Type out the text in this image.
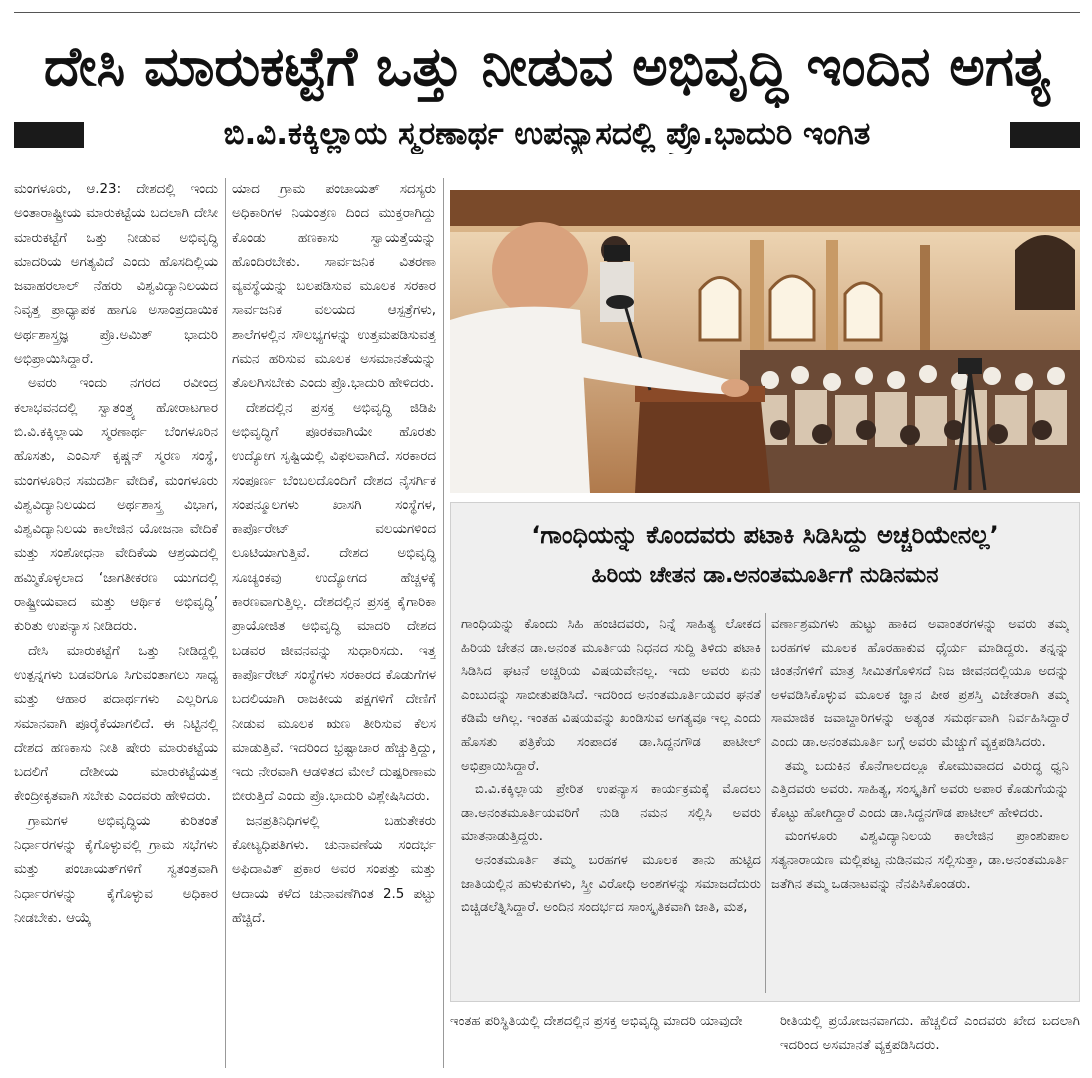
ದೇಸಿ ಮಾರುಕಟ್ಟೆಗೆ ಒತ್ತು ನೀಡುವ ಅಭಿವೃದ್ಧಿ ಇಂದಿನ ಅಗತ್ಯ
ಬಿ.ವಿ.ಕಕ್ಕಿಲ್ಲಾಯ ಸ್ಮರಣಾರ್ಥ ಉಪನ್ಯಾಸದಲ್ಲಿ ಪ್ರೊ.ಭಾದುರಿ ಇಂಗಿತ

ಮಂಗಳೂರು, ಆ.23: ದೇಶದಲ್ಲಿ ಇಂದು ಅಂತಾರಾಷ್ಟ್ರೀಯ ಮಾರುಕಟ್ಟೆಯ ಬದಲಾಗಿ ದೇಸೀ ಮಾರುಕಟ್ಟೆಗೆ ಒತ್ತು ನೀಡುವ ಅಭಿವೃದ್ಧಿ ಮಾದರಿಯ ಅಗತ್ಯವಿದೆ ಎಂದು ಹೊಸದಿಲ್ಲಿಯ ಜವಾಹರಲಾಲ್ ನೆಹರು ವಿಶ್ವವಿದ್ಯಾನಿಲಯದ ನಿವೃತ್ತ ಪ್ರಾಧ್ಯಾಪಕ ಹಾಗೂ ಅಸಾಂಪ್ರದಾಯಿಕ ಅರ್ಥಶಾಸ್ತ್ರಜ್ಞ ಪ್ರೊ.ಅಮಿತ್ ಭಾದುರಿ ಅಭಿಪ್ರಾಯಿಸಿದ್ದಾರೆ.

ಅವರು ಇಂದು ನಗರದ ರವೀಂದ್ರ ಕಲಾಭವನದಲ್ಲಿ ಸ್ವಾತಂತ್ರ್ಯ ಹೋರಾಟಗಾರ ಬಿ.ವಿ.ಕಕ್ಕಿಲ್ಲಾಯ ಸ್ಮರಣಾರ್ಥ ಬೆಂಗಳೂರಿನ ಹೊಸತು, ಎಂಎಸ್ ಕೃಷ್ಣನ್ ಸ್ಮರಣ ಸಂಸ್ಥೆ, ಮಂಗಳೂರಿನ ಸಮದರ್ಶಿ ವೇದಿಕೆ, ಮಂಗಳೂರು ವಿಶ್ವವಿದ್ಯಾನಿಲಯದ ಅರ್ಥಶಾಸ್ತ್ರ ವಿಭಾಗ, ವಿಶ್ವವಿದ್ಯಾನಿಲಯ ಕಾಲೇಜಿನ ಯೋಜನಾ ವೇದಿಕೆ ಮತ್ತು ಸಂಶೋಧನಾ ವೇದಿಕೆಯ ಆಶ್ರಯದಲ್ಲಿ ಹಮ್ಮಿಕೊಳ್ಳಲಾದ ‘ಜಾಗತೀಕರಣ ಯುಗದಲ್ಲಿ ರಾಷ್ಟ್ರೀಯವಾದ ಮತ್ತು ಆರ್ಥಿಕ ಅಭಿವೃದ್ಧಿ’ ಕುರಿತು ಉಪನ್ಯಾಸ ನೀಡಿದರು.

ದೇಸಿ ಮಾರುಕಟ್ಟೆಗೆ ಒತ್ತು ನೀಡಿದ್ದಲ್ಲಿ ಉತ್ಪನ್ನಗಳು ಬಡವರಿಗೂ ಸಿಗುವಂತಾಗಲು ಸಾಧ್ಯ ಮತ್ತು ಆಹಾರ ಪದಾರ್ಥಗಳು ಎಲ್ಲರಿಗೂ ಸಮಾನವಾಗಿ ಪೂರೈಕೆಯಾಗಲಿದೆ. ಈ ನಿಟ್ಟಿನಲ್ಲಿ ದೇಶದ ಹಣಕಾಸು ನೀತಿ ಷೇರು ಮಾರುಕಟ್ಟೆಯ ಬದಲಿಗೆ ದೇಶೀಯ ಮಾರುಕಟ್ಟೆಯತ್ತ ಕೇಂದ್ರೀಕೃತವಾಗಿ ಸಬೇಕು ಎಂದವರು ಹೇಳಿದರು.

ಗ್ರಾಮಗಳ ಅಭಿವೃದ್ಧಿಯ ಕುರಿತಂತೆ ನಿರ್ಧಾರಗಳನ್ನು ಕೈಗೊಳ್ಳುವಲ್ಲಿ ಗ್ರಾಮ ಸಭೆಗಳು ಮತ್ತು ಪಂಚಾಯತ್‌ಗಳಿಗೆ ಸ್ವತಂತ್ರವಾಗಿ ನಿರ್ಧಾರಗಳನ್ನು ಕೈಗೊಳ್ಳುವ ಅಧಿಕಾರ ನೀಡಬೇಕು. ಆಯ್ಕೆ

ಯಾದ ಗ್ರಾಮ ಪಂಚಾಯತ್ ಸದಸ್ಯರು ಅಧಿಕಾರಿಗಳ ನಿಯಂತ್ರಣ ದಿಂದ ಮುಕ್ತರಾಗಿದ್ದು ಕೊಂಡು ಹಣಕಾಸು ಸ್ವಾಯತ್ತೆಯನ್ನು ಹೊಂದಿರಬೇಕು. ಸಾರ್ವಜನಿಕ ವಿತರಣಾ ವ್ಯವಸ್ಥೆಯನ್ನು ಬಲಪಡಿಸುವ ಮೂಲಕ ಸರಕಾರ ಸಾರ್ವಜನಿಕ ವಲಯದ ಆಸ್ಪತ್ರೆಗಳು, ಶಾಲೆಗಳಲ್ಲಿನ ಸೌಲಭ್ಯಗಳನ್ನು ಉತ್ತಮಪಡಿಸುವತ್ತ ಗಮನ ಹರಿಸುವ ಮೂಲಕ ಅಸಮಾನತೆಯನ್ನು ತೊಲಗಿಸಬೇಕು ಎಂದು ಪ್ರೊ.ಭಾದುರಿ ಹೇಳಿದರು.

ದೇಶದಲ್ಲಿನ ಪ್ರಸಕ್ತ ಅಭಿವೃದ್ಧಿ ಜಿಡಿಪಿ ಅಭಿವೃದ್ಧಿಗೆ ಪೂರಕವಾಗಿಯೇ ಹೊರತು ಉದ್ಯೋಗ ಸೃಷ್ಟಿಯಲ್ಲಿ ವಿಫಲವಾಗಿದೆ. ಸರಕಾರದ ಸಂಪೂರ್ಣ ಬೆಂಬಲದೊಂದಿಗೆ ದೇಶದ ನೈಸರ್ಗಿಕ ಸಂಪನ್ಮೂಲಗಳು ಖಾಸಗಿ ಸಂಸ್ಥೆಗಳ, ಕಾರ್ಪೊರೇಟ್ ವಲಯಗಳಿಂದ ಲೂಟಿಯಾಗುತ್ತಿವೆ. ದೇಶದ ಅಭಿವೃದ್ಧಿ ಸೂಚ್ಯಂಕವು ಉದ್ಯೋಗದ ಹೆಚ್ಚಳಕ್ಕೆ ಕಾರಣವಾಗುತ್ತಿಲ್ಲ. ದೇಶದಲ್ಲಿನ ಪ್ರಸಕ್ತ ಕೈಗಾರಿಕಾ ಪ್ರಾಯೋಜಿತ ಅಭಿವೃದ್ಧಿ ಮಾದರಿ ದೇಶದ ಬಡವರ ಜೀವನವನ್ನು ಸುಧಾರಿಸದು. ಇತ್ತ ಕಾರ್ಪೊರೇಟ್ ಸಂಸ್ಥೆಗಳು ಸರಕಾರದ ಕೊಡುಗೆಗಳ ಬದಲಿಯಾಗಿ ರಾಜಕೀಯ ಪಕ್ಷಗಳಿಗೆ ದೇಣಿಗೆ ನೀಡುವ ಮೂಲಕ ಋಣ ತೀರಿಸುವ ಕೆಲಸ ಮಾಡುತ್ತಿವೆ. ಇದರಿಂದ ಭ್ರಷ್ಟಾಚಾರ ಹೆಚ್ಚುತ್ತಿದ್ದು, ಇದು ನೇರವಾಗಿ ಆಡಳಿತದ ಮೇಲೆ ದುಷ್ಪರಿಣಾಮ ಬೀರುತ್ತಿದೆ ಎಂದು ಪ್ರೊ.ಭಾದುರಿ ವಿಶ್ಲೇಷಿಸಿದರು.

ಜನಪ್ರತಿನಿಧಿಗಳಲ್ಲಿ ಬಹುತೇಕರು ಕೋಟ್ಯಧಿಪತಿಗಳು. ಚುನಾವಣೆಯ ಸಂದರ್ಭ ಅಫಿದಾವಿತ್ ಪ್ರಕಾರ ಅವರ ಸಂಪತ್ತು ಮತ್ತು ಆದಾಯ ಕಳೆದ ಚುನಾವಣೆಗಿಂತ 2.5 ಪಟ್ಟು ಹೆಚ್ಚಿದೆ.

‘ಗಾಂಧಿಯನ್ನು ಕೊಂದವರು ಪಟಾಕಿ ಸಿಡಿಸಿದ್ದು ಅಚ್ಚರಿಯೇನಲ್ಲ’
ಹಿರಿಯ ಚೇತನ ಡಾ.ಅನಂತಮೂರ್ತಿಗೆ ನುಡಿನಮನ

ಗಾಂಧಿಯನ್ನು ಕೊಂದು ಸಿಹಿ ಹಂಚಿದವರು, ನಿನ್ನೆ ಸಾಹಿತ್ಯ ಲೋಕದ ಹಿರಿಯ ಚೇತನ ಡಾ.ಅನಂತ ಮೂರ್ತಿಯ ನಿಧನದ ಸುದ್ದಿ ತಿಳಿದು ಪಟಾಕಿ ಸಿಡಿಸಿದ ಘಟನೆ ಅಚ್ಚರಿಯ ವಿಷಯವೇನಲ್ಲ. ಇದು ಅವರು ಏನು ಎಂಬುದನ್ನು ಸಾಬೀತುಪಡಿಸಿದೆ. ಇದರಿಂದ ಅನಂತಮೂರ್ತಿಯವರ ಘನತೆ ಕಡಿಮೆ ಆಗಿಲ್ಲ. ಇಂತಹ ವಿಷಯವನ್ನು ಖಂಡಿಸುವ ಅಗತ್ಯವೂ ಇಲ್ಲ ಎಂದು ಹೊಸತು ಪತ್ರಿಕೆಯ ಸಂಪಾದಕ ಡಾ.ಸಿದ್ದನಗೌಡ ಪಾಟೀಲ್ ಅಭಿಪ್ರಾಯಿಸಿದ್ದಾರೆ.

ಬಿ.ವಿ.ಕಕ್ಕಿಲ್ಲಾಯ ಪ್ರೇರಿತ ಉಪನ್ಯಾಸ ಕಾರ್ಯಕ್ರಮಕ್ಕೆ ಮೊದಲು ಡಾ.ಅನಂತಮೂರ್ತಿಯವರಿಗೆ ನುಡಿ ನಮನ ಸಲ್ಲಿಸಿ ಅವರು ಮಾತನಾಡುತ್ತಿದ್ದರು.

ಅನಂತಮೂರ್ತಿ ತಮ್ಮ ಬರಹಗಳ ಮೂಲಕ ತಾನು ಹುಟ್ಟಿದ ಜಾತಿಯಲ್ಲಿನ ಹುಳುಕುಗಳು, ಸ್ತ್ರೀ ವಿರೋಧಿ ಅಂಶಗಳನ್ನು ಸಮಾಜದೆದುರು ಬಿಚ್ಚಿಡಲೆತ್ನಿಸಿದ್ದಾರೆ. ಅಂದಿನ ಸಂದರ್ಭದ ಸಾಂಸ್ಕೃತಿಕವಾಗಿ ಜಾತಿ, ಮತ,

ವರ್ಣಾಶ್ರಮಗಳು ಹುಟ್ಟು ಹಾಕಿದ ಅವಾಂತರಗಳನ್ನು ಅವರು ತಮ್ಮ ಬರಹಗಳ ಮೂಲಕ ಹೊರಹಾಕುವ ಧೈರ್ಯ ಮಾಡಿದ್ದರು. ತನ್ನನ್ನು ಚಿಂತನೆಗಳಿಗೆ ಮಾತ್ರ ಸೀಮಿತಗೊಳಿಸದೆ ನಿಜ ಜೀವನದಲ್ಲಿಯೂ ಅದನ್ನು ಅಳವಡಿಸಿಕೊಳ್ಳುವ ಮೂಲಕ ಜ್ಞಾನ ಪೀಠ ಪ್ರಶಸ್ತಿ ವಿಜೇತರಾಗಿ ತಮ್ಮ ಸಾಮಾಜಿಕ ಜವಾಬ್ದಾರಿಗಳನ್ನು ಅತ್ಯಂತ ಸಮರ್ಥವಾಗಿ ನಿರ್ವಹಿಸಿದ್ದಾರೆ ಎಂದು ಡಾ.ಅನಂತಮೂರ್ತಿ ಬಗ್ಗೆ ಅವರು ಮೆಚ್ಚುಗೆ ವ್ಯಕ್ತಪಡಿಸಿದರು.

ತಮ್ಮ ಬದುಕಿನ ಕೊನೆಗಾಲದಲ್ಲೂ ಕೋಮುವಾದದ ವಿರುದ್ಧ ಧ್ವನಿ ಎತ್ತಿದವರು ಅವರು. ಸಾಹಿತ್ಯ, ಸಂಸ್ಕೃತಿಗೆ ಅವರು ಅಪಾರ ಕೊಡುಗೆಯನ್ನು ಕೊಟ್ಟು ಹೋಗಿದ್ದಾರೆ ಎಂದು ಡಾ.ಸಿದ್ದನಗೌಡ ಪಾಟೀಲ್ ಹೇಳಿದರು.

ಮಂಗಳೂರು ವಿಶ್ವವಿದ್ಯಾನಿಲಯ ಕಾಲೇಜಿನ ಪ್ರಾಂಶುಪಾಲ ಸತ್ಯನಾರಾಯಣ ಮಲ್ಲಿಪಟ್ಟ ನುಡಿನಮನ ಸಲ್ಲಿಸುತ್ತಾ, ಡಾ.ಅನಂತಮೂರ್ತಿ ಜತೆಗಿನ ತಮ್ಮ ಒಡನಾಟವನ್ನು ನೆನಪಿಸಿಕೊಂಡರು.

ಇಂತಹ ಪರಿಸ್ಥಿತಿಯಲ್ಲಿ ದೇಶದಲ್ಲಿನ ಪ್ರಸಕ್ತ ಅಭಿವೃದ್ಧಿ ಮಾದರಿ ಯಾವುದೇ	ರೀತಿಯಲ್ಲಿ ಪ್ರಯೋಜನವಾಗದು. ಹೆಚ್ಚಲಿದೆ ಎಂದವರು ಖೇದ ಬದಲಾಗಿ ಇದರಿಂದ ಅಸಮಾನತೆ ವ್ಯಕ್ತಪಡಿಸಿದರು.
